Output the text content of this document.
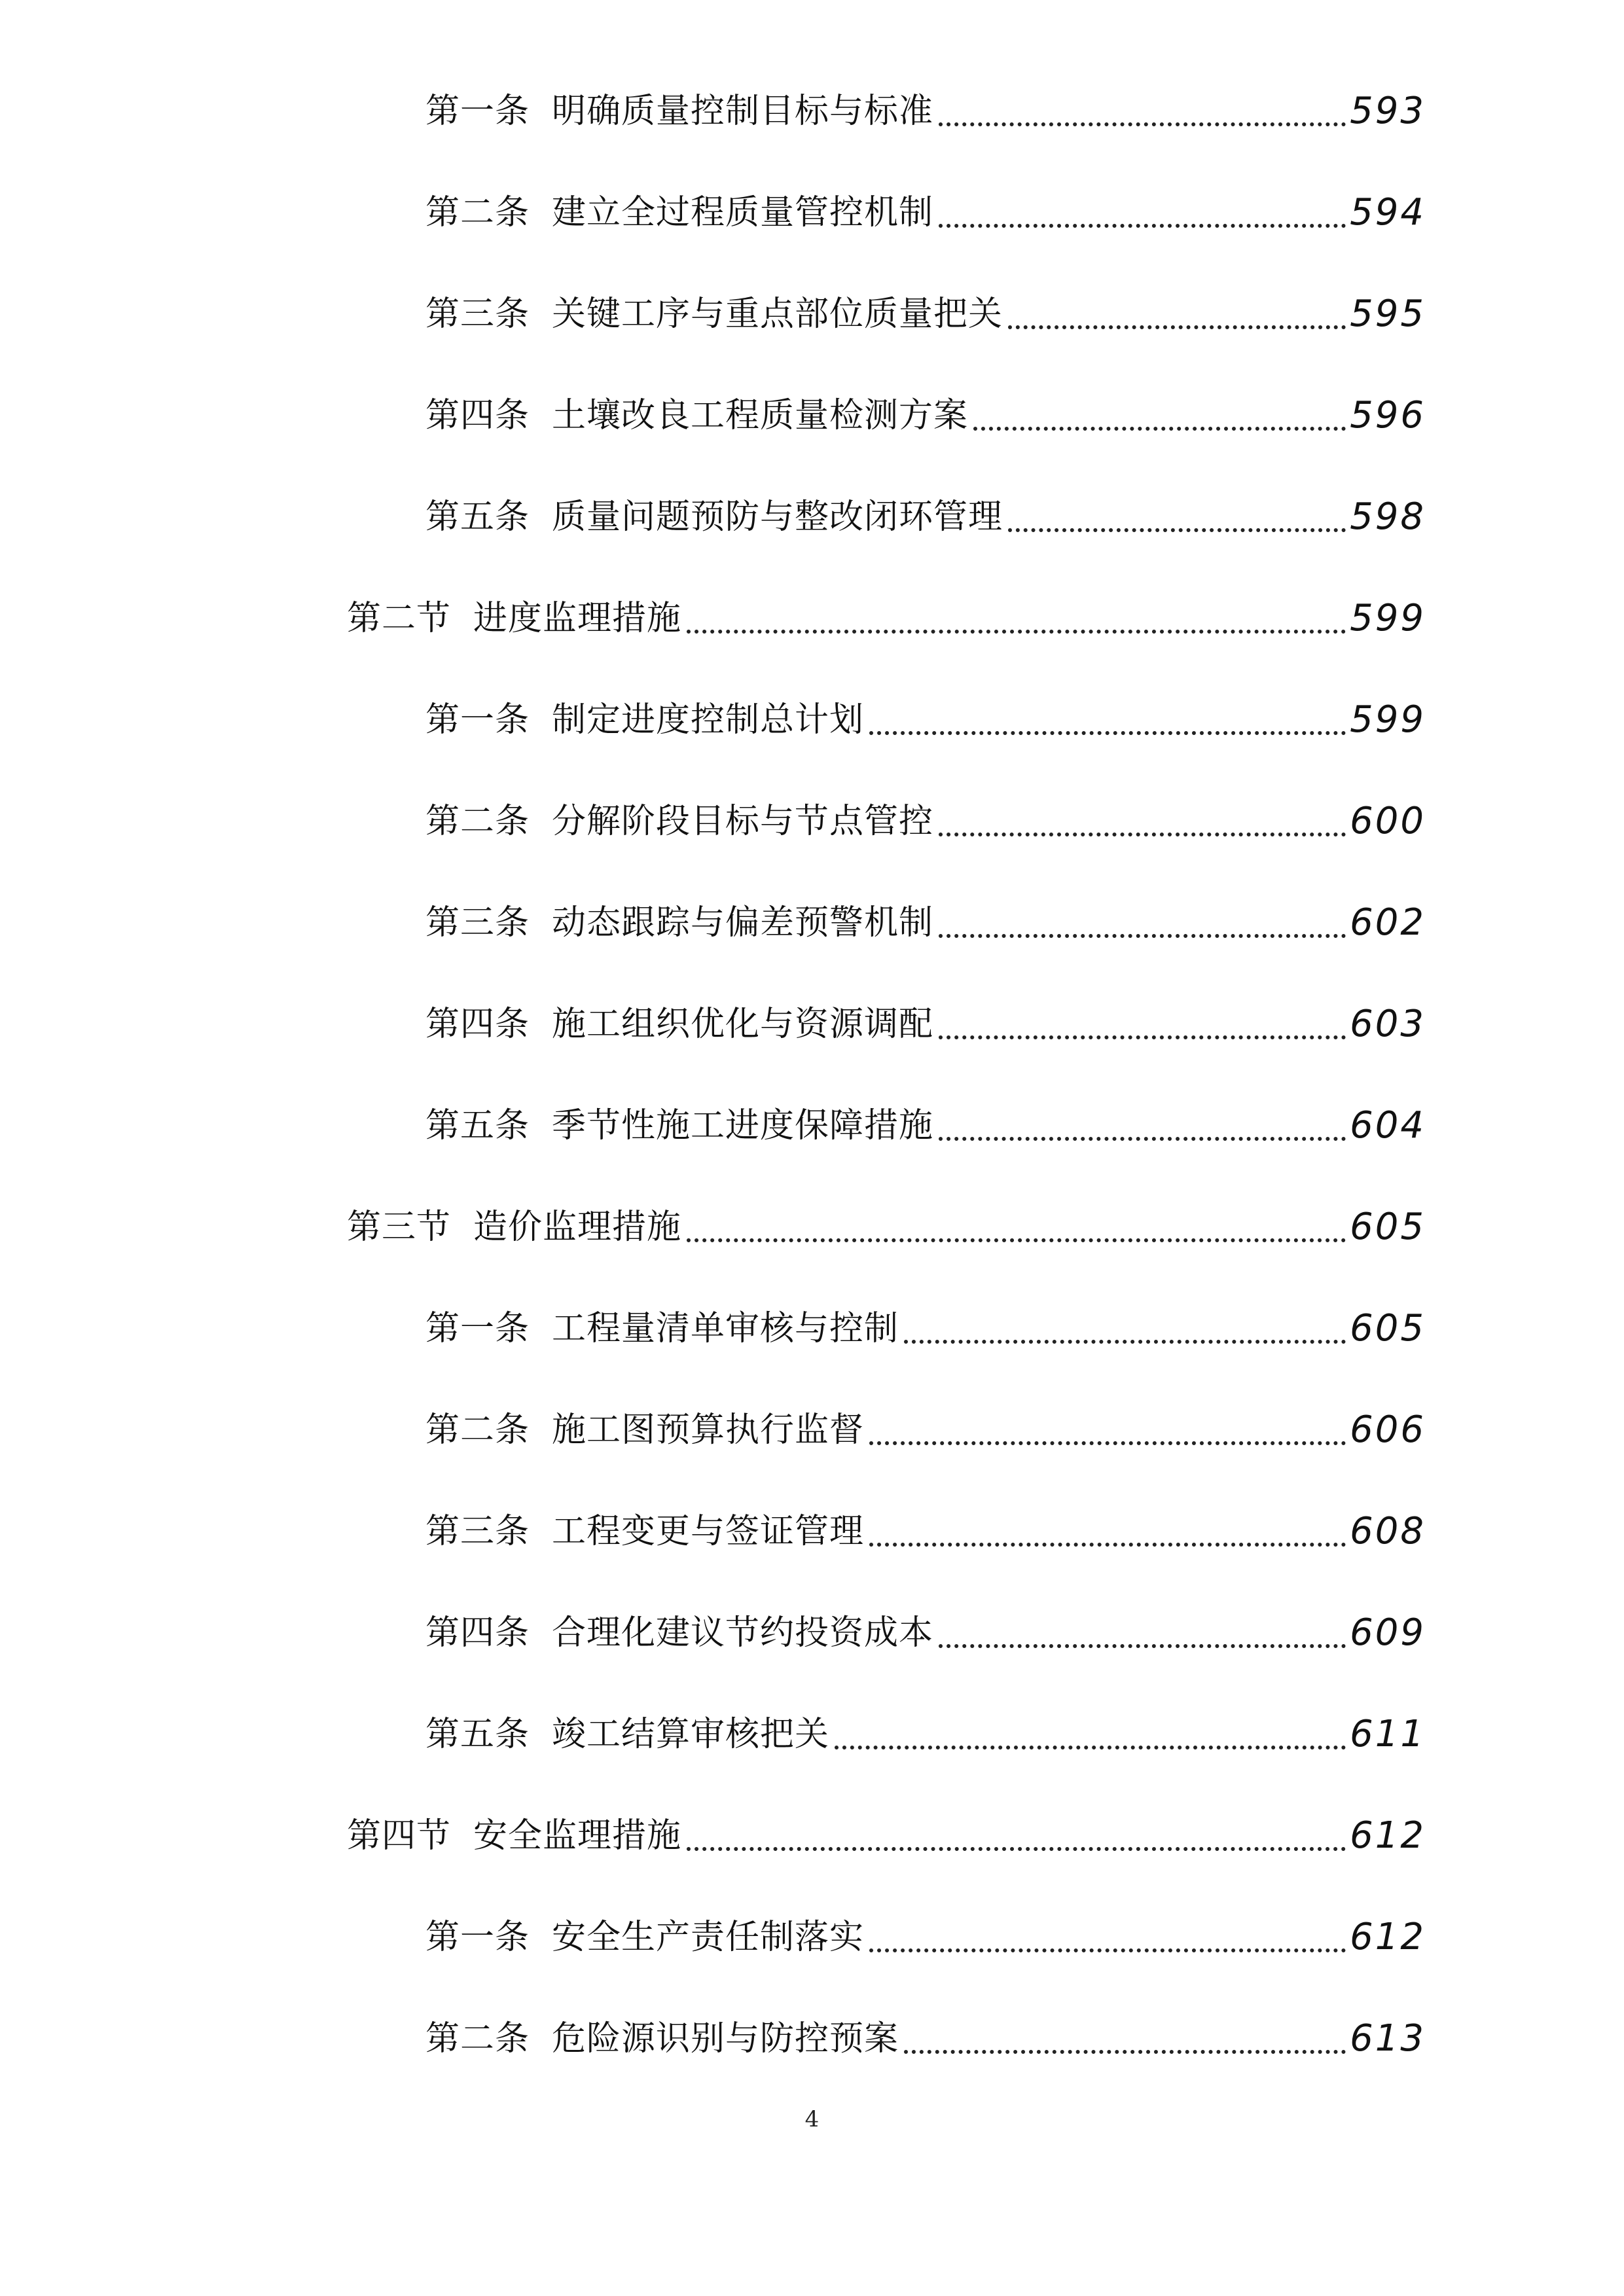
第一条 明确质量控制目标与标准	593
第二条 建立全过程质量管控机制	594
第三条 关键工序与重点部位质量把关	595
第四条 土壤改良工程质量检测方案	596
第五条 质量问题预防与整改闭环管理	598
第二节 进度监理措施	599
第一条 制定进度控制总计划	599
第二条 分解阶段目标与节点管控	600
第三条 动态跟踪与偏差预警机制	602
第四条 施工组织优化与资源调配	603
第五条 季节性施工进度保障措施	604
第三节 造价监理措施	605
第一条 工程量清单审核与控制	605
第二条 施工图预算执行监督	606
第三条 工程变更与签证管理	608
第四条 合理化建议节约投资成本	609
第五条 竣工结算审核把关	611
第四节 安全监理措施	612
第一条 安全生产责任制落实	612
第二条 危险源识别与防控预案	613
4
